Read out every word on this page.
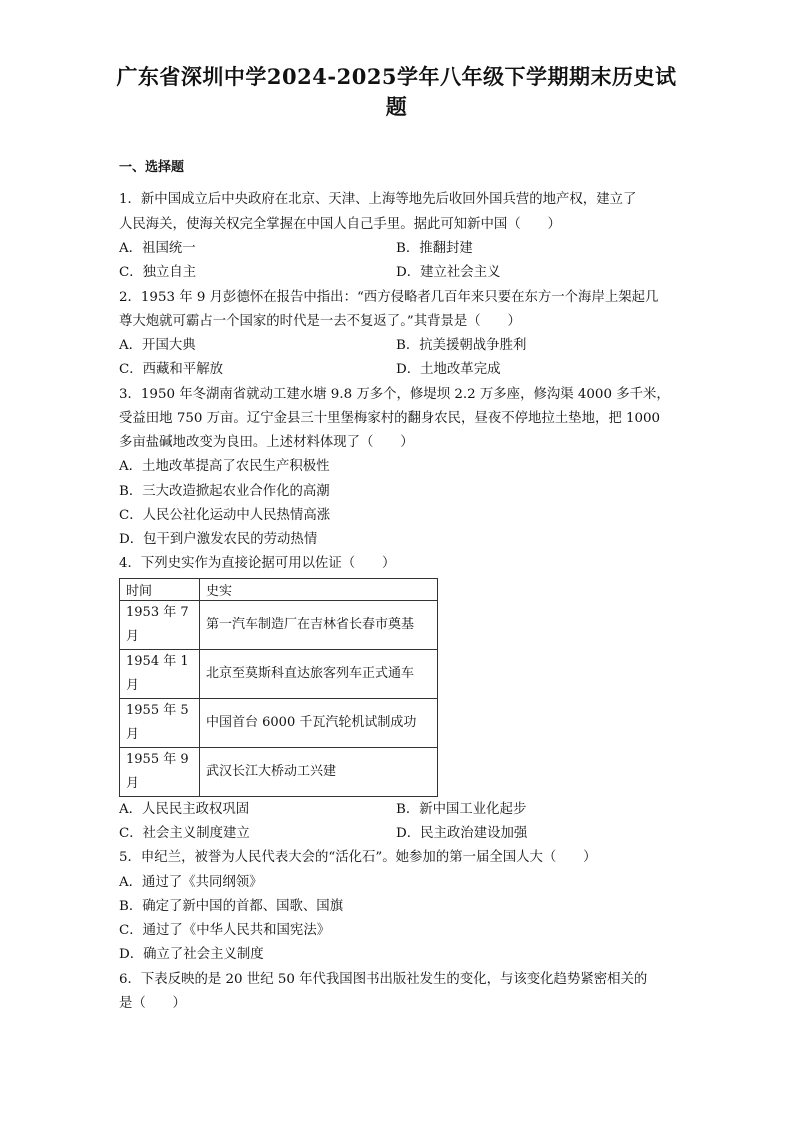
广东省深圳中学2024-2025学年八年级下学期期末历史试
题
一、选择题
1．新中国成立后中央政府在北京、天津、上海等地先后收回外国兵营的地产权，建立了
人民海关，使海关权完全掌握在中国人自己手里。据此可知新中国（　　）
A．祖国统一	B．推翻封建
C．独立自主	D．建立社会主义
2．1953 年 9 月彭德怀在报告中指出：“西方侵略者几百年来只要在东方一个海岸上架起几
尊大炮就可霸占一个国家的时代是一去不复返了。”其背景是（　　）
A．开国大典	B．抗美援朝战争胜利
C．西藏和平解放	D．土地改革完成
3．1950 年冬湖南省就动工建水塘 9.8 万多个，修堤坝 2.2 万多座，修沟渠 4000 多千米，
受益田地 750 万亩。辽宁金县三十里堡梅家村的翻身农民，昼夜不停地拉土垫地，把 1000
多亩盐碱地改变为良田。上述材料体现了（　　）
A．土地改革提高了农民生产积极性
B．三大改造掀起农业合作化的高潮
C．人民公社化运动中人民热情高涨
D．包干到户激发农民的劳动热情
4．下列史实作为直接论据可用以佐证（　　）
时间	史实
1953 年 7
月	第一汽车制造厂在吉林省长春市奠基
1954 年 1
月	北京至莫斯科直达旅客列车正式通车
1955 年 5
月	中国首台 6000 千瓦汽轮机试制成功
1955 年 9
月	武汉长江大桥动工兴建
A．人民民主政权巩固	B．新中国工业化起步
C．社会主义制度建立	D．民主政治建设加强
5．申纪兰，被誉为人民代表大会的“活化石”。她参加的第一届全国人大（　　）
A．通过了《共同纲领》
B．确定了新中国的首都、国歌、国旗
C．通过了《中华人民共和国宪法》
D．确立了社会主义制度
6．下表反映的是 20 世纪 50 年代我国图书出版社发生的变化，与该变化趋势紧密相关的
是（　　）
